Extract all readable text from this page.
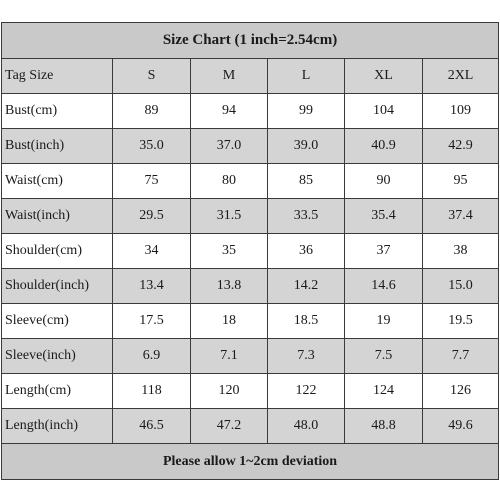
Size Chart (1 inch=2.54cm)					
Tag Size	S	M	L	XL	2XL
Bust(cm)	89	94	99	104	109
Bust(inch)	35.0	37.0	39.0	40.9	42.9
Waist(cm)	75	80	85	90	95
Waist(inch)	29.5	31.5	33.5	35.4	37.4
Shoulder(cm)	34	35	36	37	38
Shoulder(inch)	13.4	13.8	14.2	14.6	15.0
Sleeve(cm)	17.5	18	18.5	19	19.5
Sleeve(inch)	6.9	7.1	7.3	7.5	7.7
Length(cm)	118	120	122	124	126
Length(inch)	46.5	47.2	48.0	48.8	49.6
Please allow 1~2cm deviation					
